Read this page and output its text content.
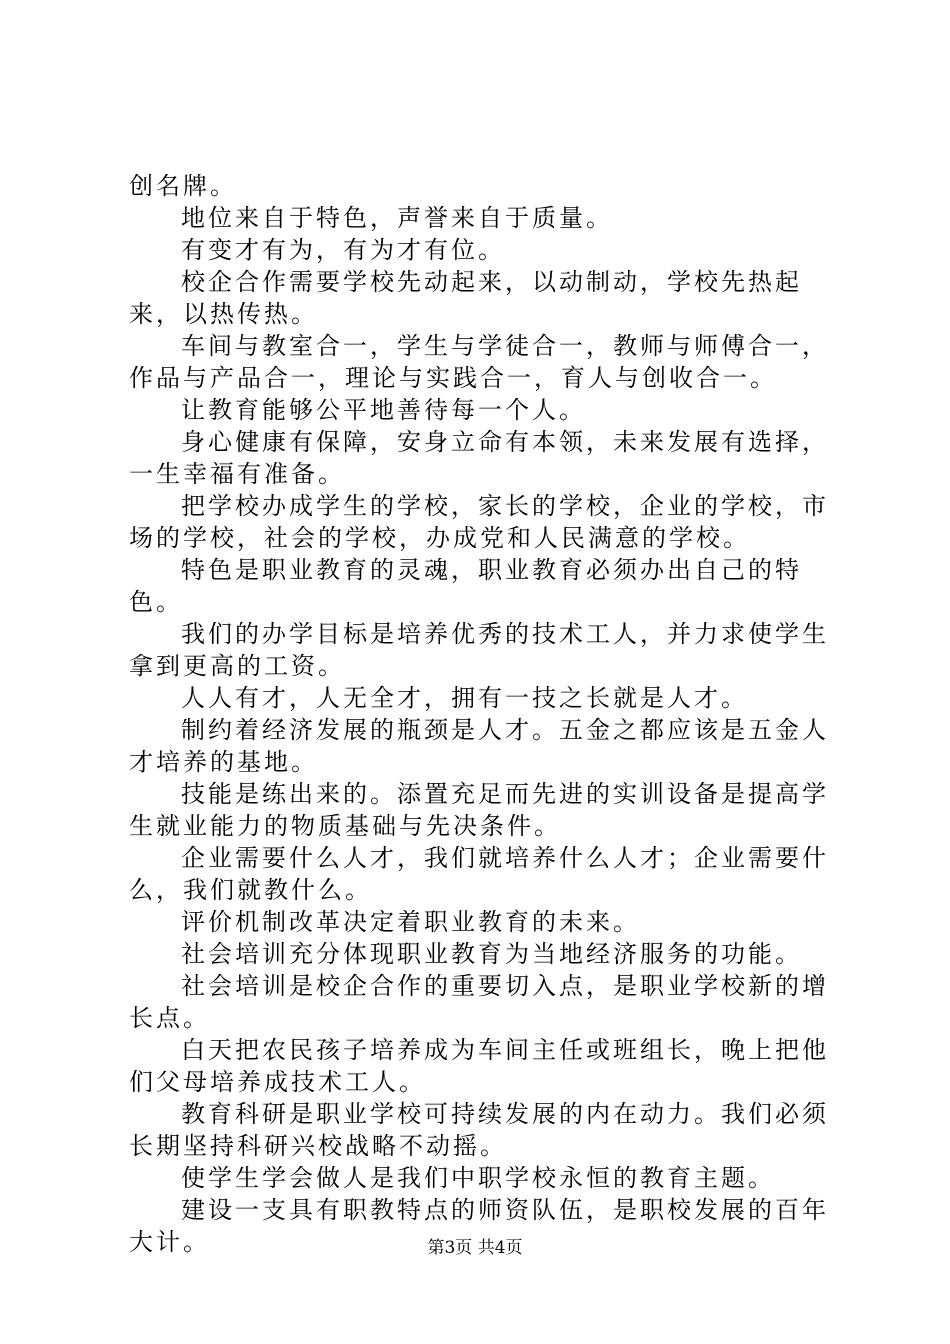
创名牌。

地位来自于特色，声誉来自于质量。

有变才有为，有为才有位。

校企合作需要学校先动起来，以动制动，学校先热起来，以热传热。

车间与教室合一，学生与学徒合一，教师与师傅合一，作品与产品合一，理论与实践合一，育人与创收合一。

让教育能够公平地善待每一个人。

身心健康有保障，安身立命有本领，未来发展有选择，一生幸福有准备。

把学校办成学生的学校，家长的学校，企业的学校，市场的学校，社会的学校，办成党和人民满意的学校。

特色是职业教育的灵魂，职业教育必须办出自己的特色。

我们的办学目标是培养优秀的技术工人，并力求使学生拿到更高的工资。

人人有才，人无全才，拥有一技之长就是人才。

制约着经济发展的瓶颈是人才。五金之都应该是五金人才培养的基地。

技能是练出来的。添置充足而先进的实训设备是提高学生就业能力的物质基础与先决条件。

企业需要什么人才，我们就培养什么人才；企业需要什么，我们就教什么。

评价机制改革决定着职业教育的未来。

社会培训充分体现职业教育为当地经济服务的功能。

社会培训是校企合作的重要切入点，是职业学校新的增长点。

白天把农民孩子培养成为车间主任或班组长，晚上把他们父母培养成技术工人。

教育科研是职业学校可持续发展的内在动力。我们必须长期坚持科研兴校战略不动摇。

使学生学会做人是我们中职学校永恒的教育主题。

建设一支具有职教特点的师资队伍，是职校发展的百年大计。	第3页 共4页
